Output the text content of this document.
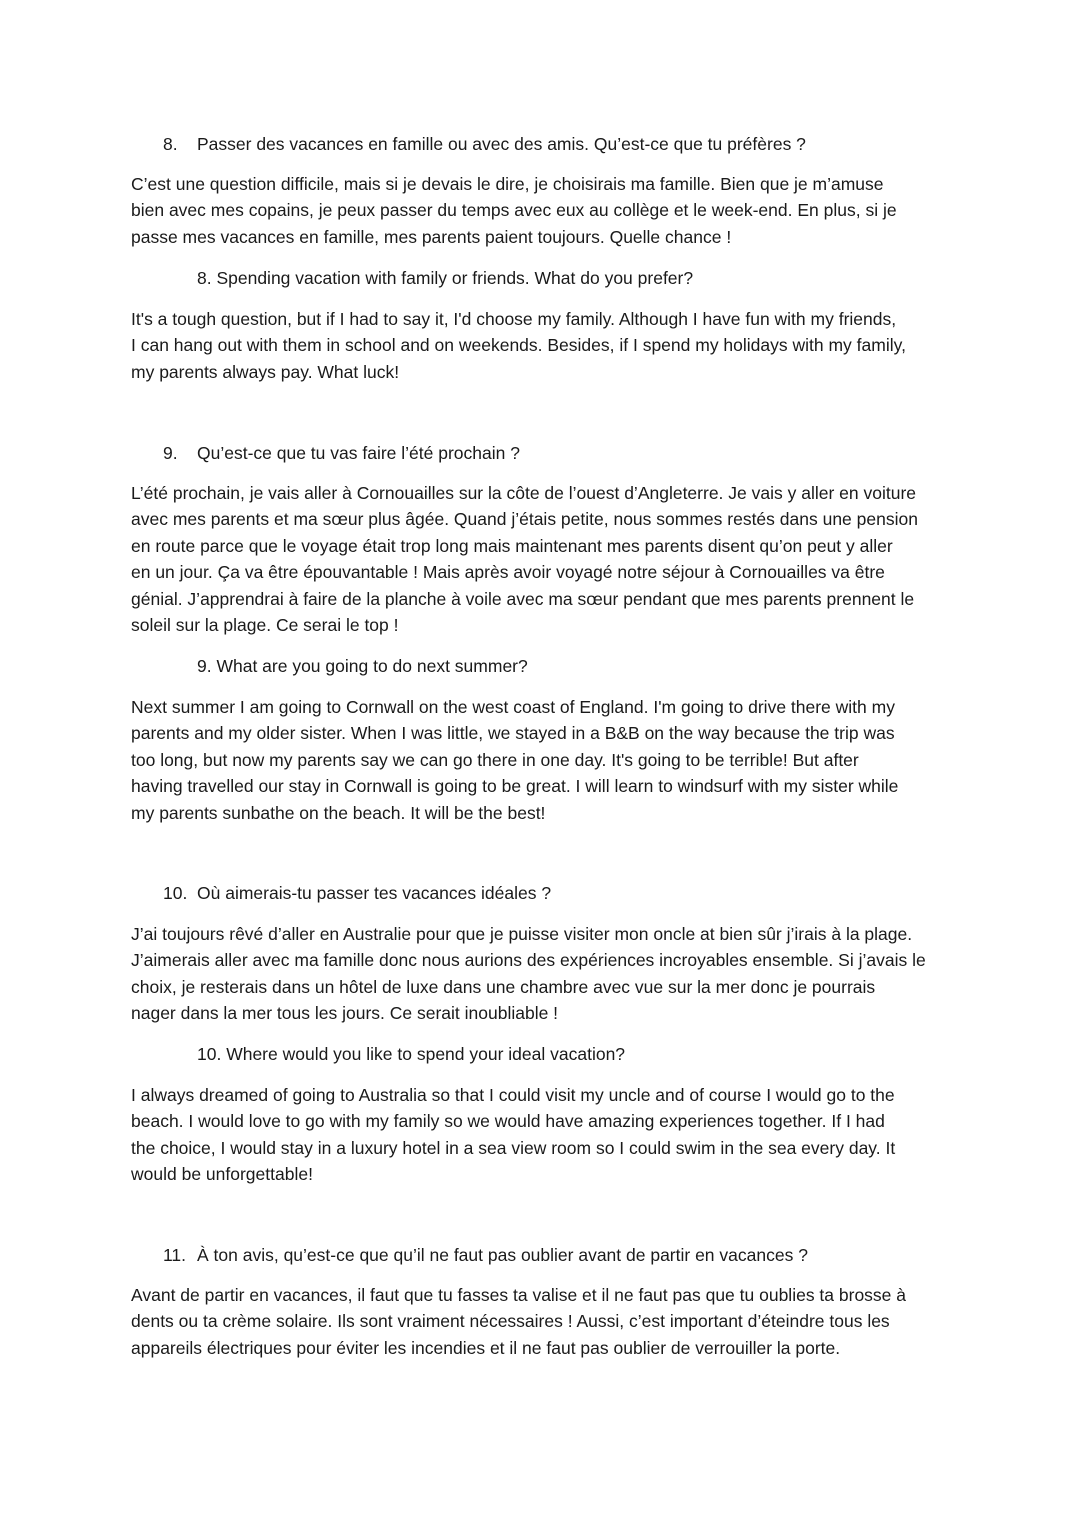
8. Passer des vacances en famille ou avec des amis. Qu’est-ce que tu préfères ?

C’est une question difficile, mais si je devais le dire, je choisirais ma famille. Bien que je m’amuse

bien avec mes copains, je peux passer du temps avec eux au collège et le week-end. En plus, si je

passe mes vacances en famille, mes parents paient toujours. Quelle chance !

8. Spending vacation with family or friends. What do you prefer?

It's a tough question, but if I had to say it, I'd choose my family. Although I have fun with my friends,

I can hang out with them in school and on weekends. Besides, if I spend my holidays with my family,

my parents always pay. What luck!

9. Qu’est-ce que tu vas faire l’été prochain ?

L’été prochain, je vais aller à Cornouailles sur la côte de l’ouest d’Angleterre. Je vais y aller en voiture

avec mes parents et ma sœur plus âgée. Quand j’étais petite, nous sommes restés dans une pension

en route parce que le voyage était trop long mais maintenant mes parents disent qu’on peut y aller

en un jour. Ça va être épouvantable ! Mais après avoir voyagé notre séjour à Cornouailles va être

génial. J’apprendrai à faire de la planche à voile avec ma sœur pendant que mes parents prennent le

soleil sur la plage. Ce serai le top !

9. What are you going to do next summer?

Next summer I am going to Cornwall on the west coast of England. I'm going to drive there with my

parents and my older sister. When I was little, we stayed in a B&B on the way because the trip was

too long, but now my parents say we can go there in one day. It's going to be terrible! But after

having travelled our stay in Cornwall is going to be great. I will learn to windsurf with my sister while

my parents sunbathe on the beach. It will be the best!

10. Où aimerais-tu passer tes vacances idéales ?

J’ai toujours rêvé d’aller en Australie pour que je puisse visiter mon oncle at bien sûr j’irais à la plage.

J’aimerais aller avec ma famille donc nous aurions des expériences incroyables ensemble. Si j’avais le

choix, je resterais dans un hôtel de luxe dans une chambre avec vue sur la mer donc je pourrais

nager dans la mer tous les jours. Ce serait inoubliable !

10. Where would you like to spend your ideal vacation?

I always dreamed of going to Australia so that I could visit my uncle and of course I would go to the

beach. I would love to go with my family so we would have amazing experiences together. If I had

the choice, I would stay in a luxury hotel in a sea view room so I could swim in the sea every day. It

would be unforgettable!

11. À ton avis, qu’est-ce que qu’il ne faut pas oublier avant de partir en vacances ?

Avant de partir en vacances, il faut que tu fasses ta valise et il ne faut pas que tu oublies ta brosse à

dents ou ta crème solaire. Ils sont vraiment nécessaires ! Aussi, c’est important d’éteindre tous les

appareils électriques pour éviter les incendies et il ne faut pas oublier de verrouiller la porte.
